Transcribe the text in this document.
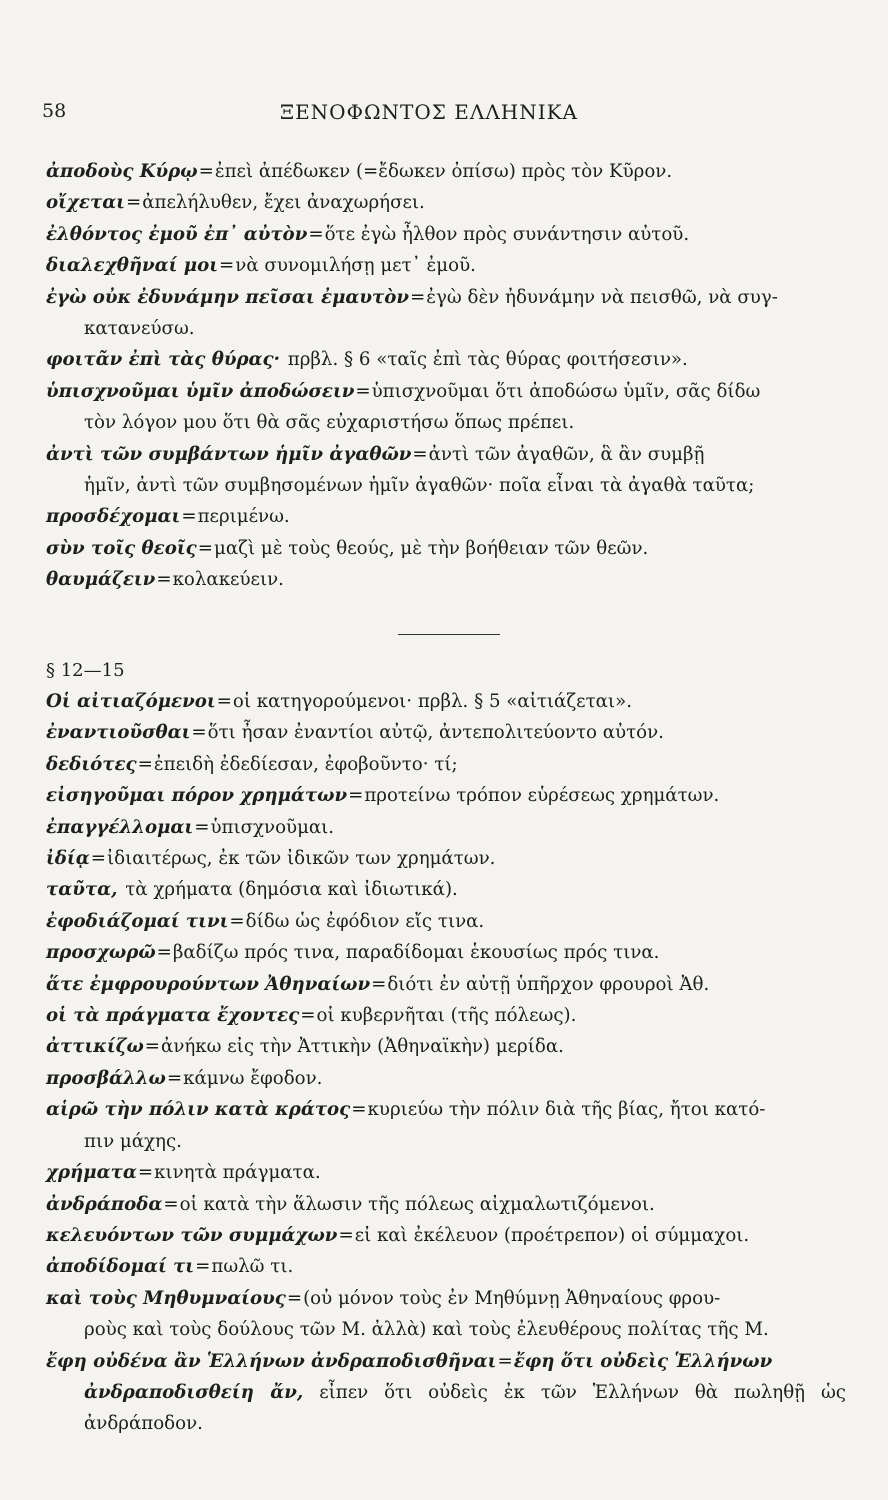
58	ΞΕΝΟΦΩΝΤΟΣ ΕΛΛΗΝΙΚΑ
ἀποδοὺς Κύρῳ=ἐπεὶ ἀπέδωκεν (=ἔδωκεν ὀπίσω) πρὸς τὸν Κῦρον.
οἴχεται=ἀπελήλυθεν, ἔχει ἀναχωρήσει.
ἐλθόντος ἐμοῦ ἐπ᾽ αὐτὸν=ὅτε ἐγὼ ἦλθον πρὸς συνάντησιν αὐτοῦ.
διαλεχθῆναί μοι=νὰ συνομιλήσῃ μετ᾽ ἐμοῦ.
ἐγὼ οὐκ ἐδυνάμην πεῖσαι ἐμαυτὸν=ἐγὼ δὲν ἠδυνάμην νὰ πεισθῶ, νὰ συγ-
κατανεύσω.
φοιτᾶν ἐπὶ τὰς θύρας· πρβλ. § 6 «ταῖς ἐπὶ τὰς θύρας φοιτήσεσιν».
ὑπισχνοῦμαι ὑμῖν ἀποδώσειν=ὑπισχνοῦμαι ὅτι ἀποδώσω ὑμῖν, σᾶς δίδω
τὸν λόγον μου ὅτι θὰ σᾶς εὐχαριστήσω ὅπως πρέπει.
ἀντὶ τῶν συμβάντων ἡμῖν ἀγαθῶν=ἀντὶ τῶν ἀγαθῶν, ἃ ἂν συμβῇ
ἡμῖν, ἀντὶ τῶν συμβησομένων ἡμῖν ἀγαθῶν· ποῖα εἶναι τὰ ἀγαθὰ ταῦτα;
προσδέχομαι=περιμένω.
σὺν τοῖς θεοῖς=μαζὶ μὲ τοὺς θεούς, μὲ τὴν βοήθειαν τῶν θεῶν.
θαυμάζειν=κολακεύειν.
§ 12—15
Οἱ αἰτιαζόμενοι=οἱ κατηγορούμενοι· πρβλ. § 5 «αἰτιάζεται».
ἐναντιοῦσθαι=ὅτι ἦσαν ἐναντίοι αὐτῷ, ἀντεπολιτεύοντο αὐτόν.
δεδιότες=ἐπειδὴ ἐδεδίεσαν, ἐφοβοῦντο· τί;
εἰσηγοῦμαι πόρον χρημάτων=προτείνω τρόπον εὑρέσεως χρημάτων.
ἐπαγγέλλομαι=ὑπισχνοῦμαι.
ἰδίᾳ=ἰδιαιτέρως, ἐκ τῶν ἰδικῶν των χρημάτων.
ταῦτα, τὰ χρήματα (δημόσια καὶ ἰδιωτικά).
ἐφοδιάζομαί τινι=δίδω ὡς ἐφόδιον εἴς τινα.
προσχωρῶ=βαδίζω πρός τινα, παραδίδομαι ἑκουσίως πρός τινα.
ἅτε ἐμφρουρούντων Ἀθηναίων=διότι ἐν αὐτῇ ὑπῆρχον φρουροὶ Ἀθ.
οἱ τὰ πράγματα ἔχοντες=οἱ κυβερνῆται (τῆς πόλεως).
ἀττικίζω=ἀνήκω εἰς τὴν Ἀττικὴν (Ἀθηναϊκὴν) μερίδα.
προσβάλλω=κάμνω ἔφοδον.
αἱρῶ τὴν πόλιν κατὰ κράτος=κυριεύω τὴν πόλιν διὰ τῆς βίας, ἤτοι κατό-
πιν μάχης.
χρήματα=κινητὰ πράγματα.
ἀνδράποδα=οἱ κατὰ τὴν ἅλωσιν τῆς πόλεως αἰχμαλωτιζόμενοι.
κελευόντων τῶν συμμάχων=εἰ καὶ ἐκέλευον (προέτρεπον) οἱ σύμμαχοι.
ἀποδίδομαί τι=πωλῶ τι.
καὶ τοὺς Μηθυμναίους=(οὐ μόνον τοὺς ἐν Μηθύμνῃ Ἀθηναίους φρου-
ροὺς καὶ τοὺς δούλους τῶν Μ. ἀλλὰ) καὶ τοὺς ἐλευθέρους πολίτας τῆς Μ.
ἔφη οὐδένα ἂν Ἑλλήνων ἀνδραποδισθῆναι=ἔφη ὅτι οὐδεὶς Ἑλλήνων
ἀνδραποδισθείη ἄν, εἶπεν ὅτι οὐδεὶς ἐκ τῶν Ἑλλήνων θὰ πωληθῇ ὡς ἀνδράποδον.
